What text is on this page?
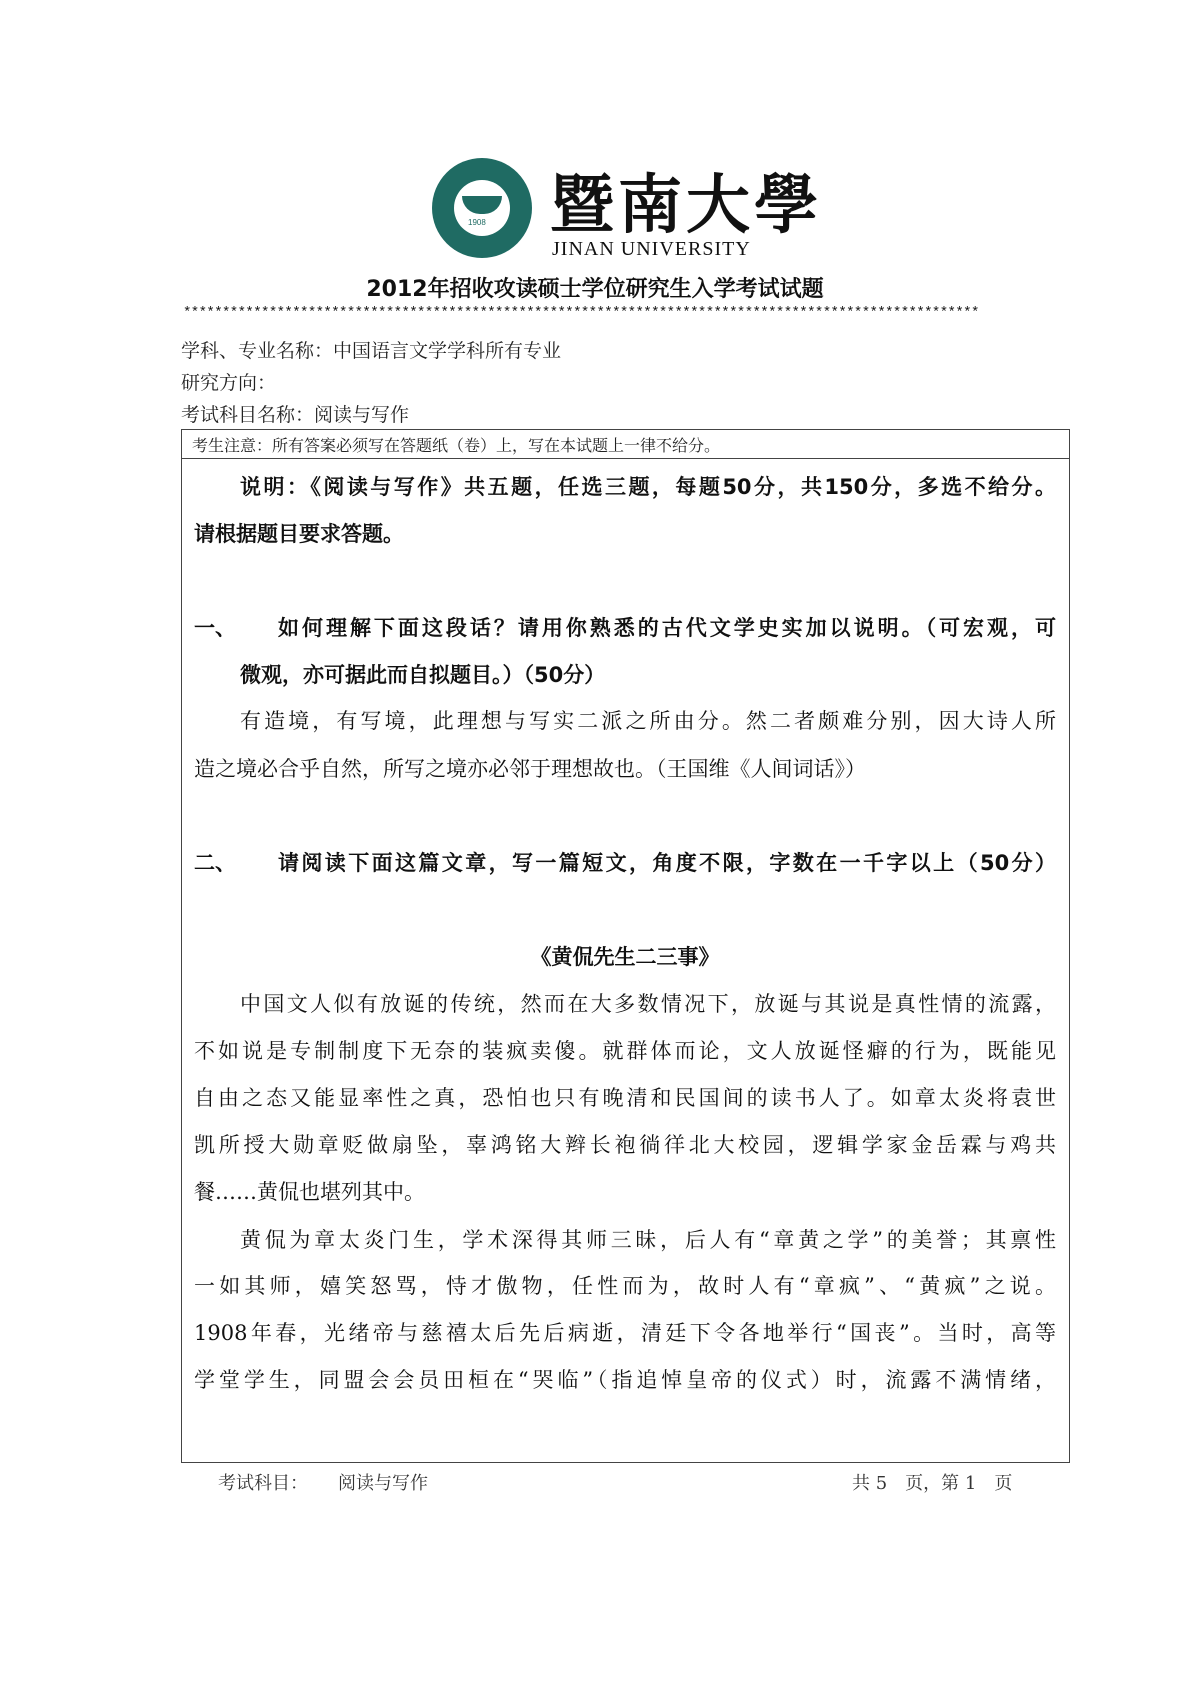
1908 暨南大學
JINAN UNIVERSITY
2012年招收攻读硕士学位研究生入学考试试题
******************************************************************************************************
学科、专业名称：中国语言文学学科所有专业
研究方向：
考试科目名称：阅读与写作
考生注意：所有答案必须写在答题纸（卷）上，写在本试题上一律不给分。
说明：《阅读与写作》共五题，任选三题，每题50分，共150分，多选不给分。
请根据题目要求答题。
一、	如何理解下面这段话？请用你熟悉的古代文学史实加以说明。（可宏观，可
微观，亦可据此而自拟题目。）（50分）
有造境，有写境，此理想与写实二派之所由分。然二者颇难分别，因大诗人所
造之境必合乎自然，所写之境亦必邻于理想故也。（王国维《人间词话》）
二、	请阅读下面这篇文章，写一篇短文，角度不限，字数在一千字以上（50分）
《黄侃先生二三事》
中国文人似有放诞的传统，然而在大多数情况下，放诞与其说是真性情的流露，
不如说是专制制度下无奈的装疯卖傻。就群体而论，文人放诞怪癖的行为，既能见
自由之态又能显率性之真，恐怕也只有晚清和民国间的读书人了。如章太炎将袁世
凯所授大勋章贬做扇坠，辜鸿铭大辫长袍徜徉北大校园，逻辑学家金岳霖与鸡共
餐……黄侃也堪列其中。
黄侃为章太炎门生，学术深得其师三昧，后人有“章黄之学”的美誉；其禀性
一如其师，嬉笑怒骂，恃才傲物，任性而为，故时人有“章疯”、“黄疯”之说。
1908年春，光绪帝与慈禧太后先后病逝，清廷下令各地举行“国丧”。当时，高等
学堂学生，同盟会会员田桓在“哭临”（指追悼皇帝的仪式）时，流露不满情绪，
考试科目： 阅读与写作	共 5　页，第 1　页
